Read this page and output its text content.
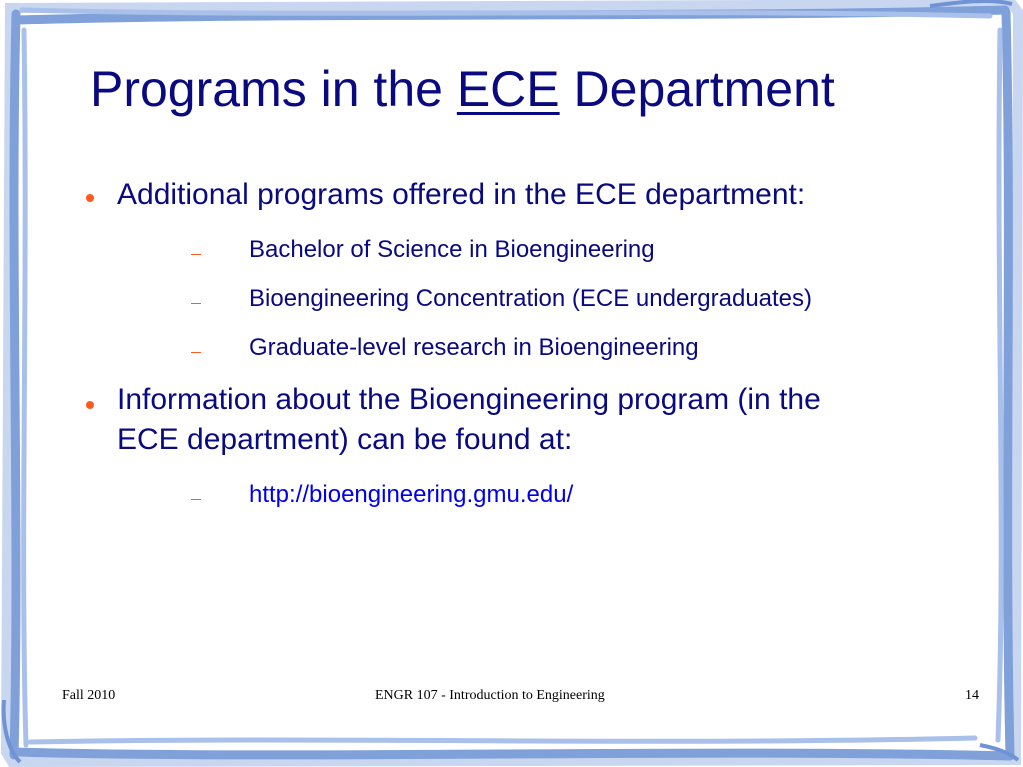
Programs in the ECE Department
Additional programs offered in the ECE department:
Bachelor of Science in Bioengineering
Bioengineering Concentration (ECE undergraduates)
Graduate-level research in Bioengineering
Information about the Bioengineering program (in the
ECE department) can be found at:
http://bioengineering.gmu.edu/
Fall 2010	ENGR 107 - Introduction to Engineering	14
